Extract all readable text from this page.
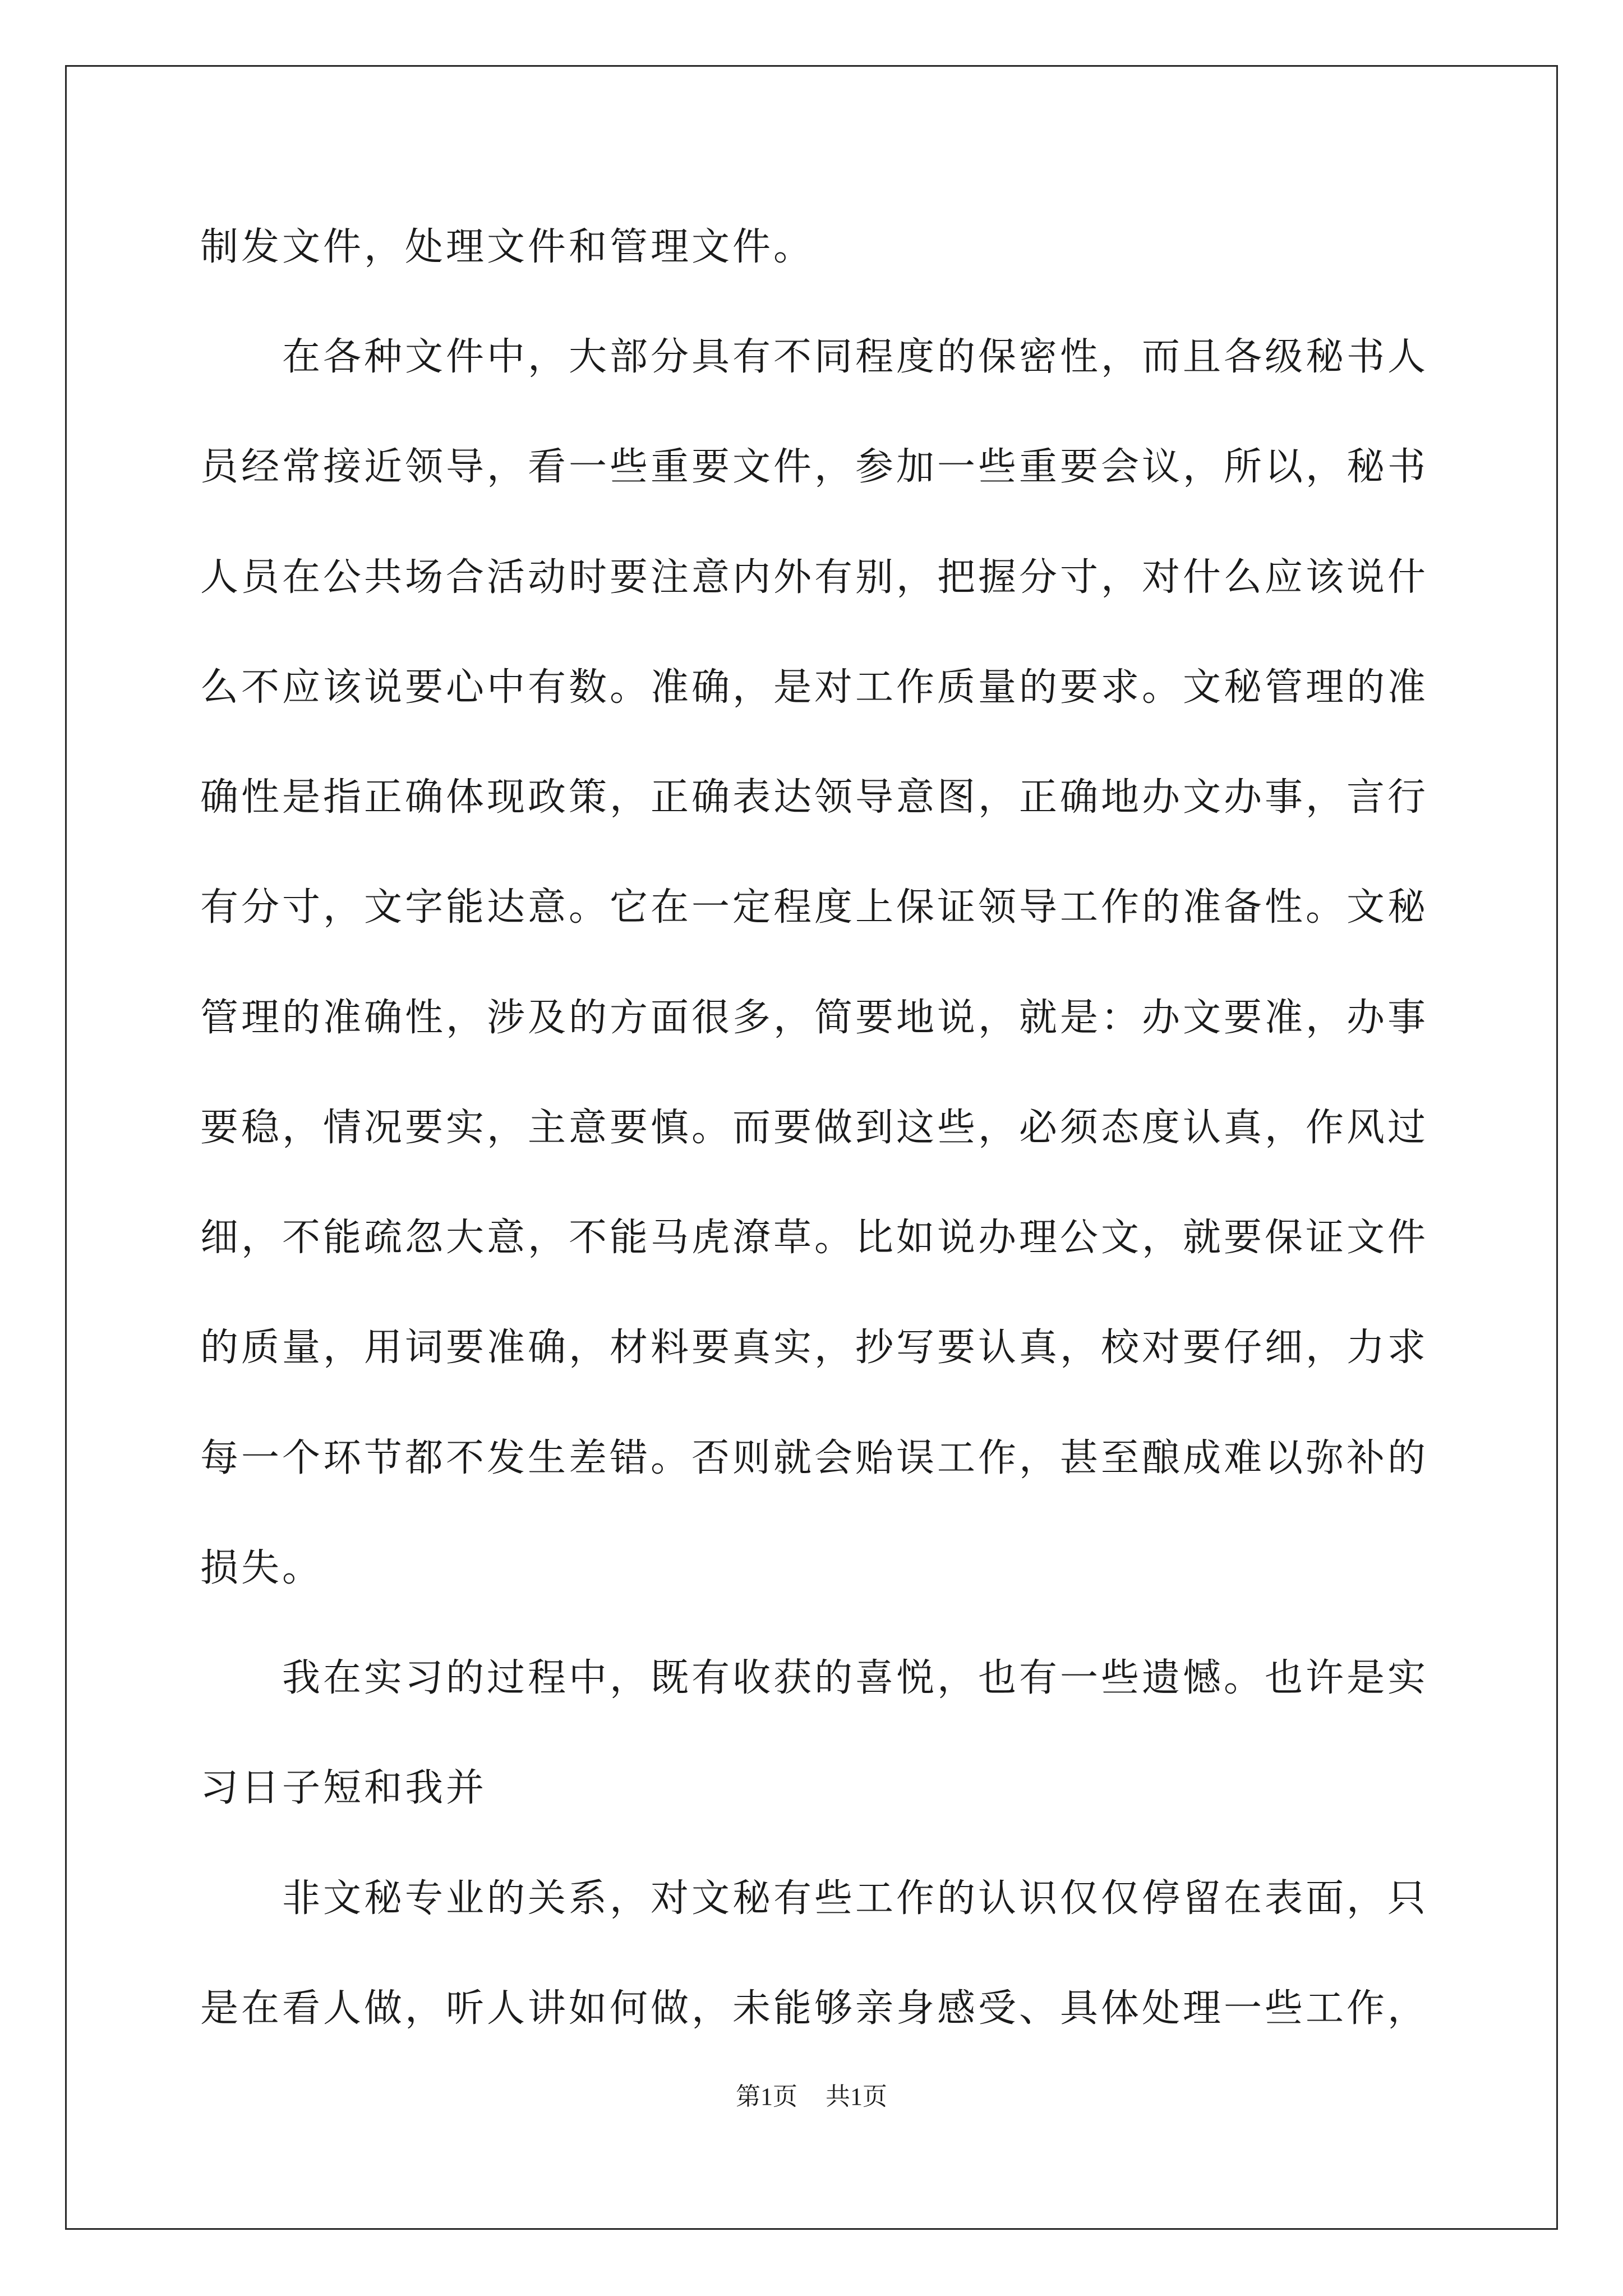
制发文件，处理文件和管理文件。
在各种文件中，大部分具有不同程度的保密性，而且各级秘书人
员经常接近领导，看一些重要文件，参加一些重要会议，所以，秘书
人员在公共场合活动时要注意内外有别，把握分寸，对什么应该说什
么不应该说要心中有数。准确，是对工作质量的要求。文秘管理的准
确性是指正确体现政策，正确表达领导意图，正确地办文办事，言行
有分寸，文字能达意。它在一定程度上保证领导工作的准备性。文秘
管理的准确性，涉及的方面很多，简要地说，就是：办文要准，办事
要稳，情况要实，主意要慎。而要做到这些，必须态度认真，作风过
细，不能疏忽大意，不能马虎潦草。比如说办理公文，就要保证文件
的质量，用词要准确，材料要真实，抄写要认真，校对要仔细，力求
每一个环节都不发生差错。否则就会贻误工作，甚至酿成难以弥补的
损失。
我在实习的过程中，既有收获的喜悦，也有一些遗憾。也许是实
习日子短和我并
非文秘专业的关系，对文秘有些工作的认识仅仅停留在表面，只
是在看人做，听人讲如何做，未能够亲身感受、具体处理一些工作，
第1页 共1页
